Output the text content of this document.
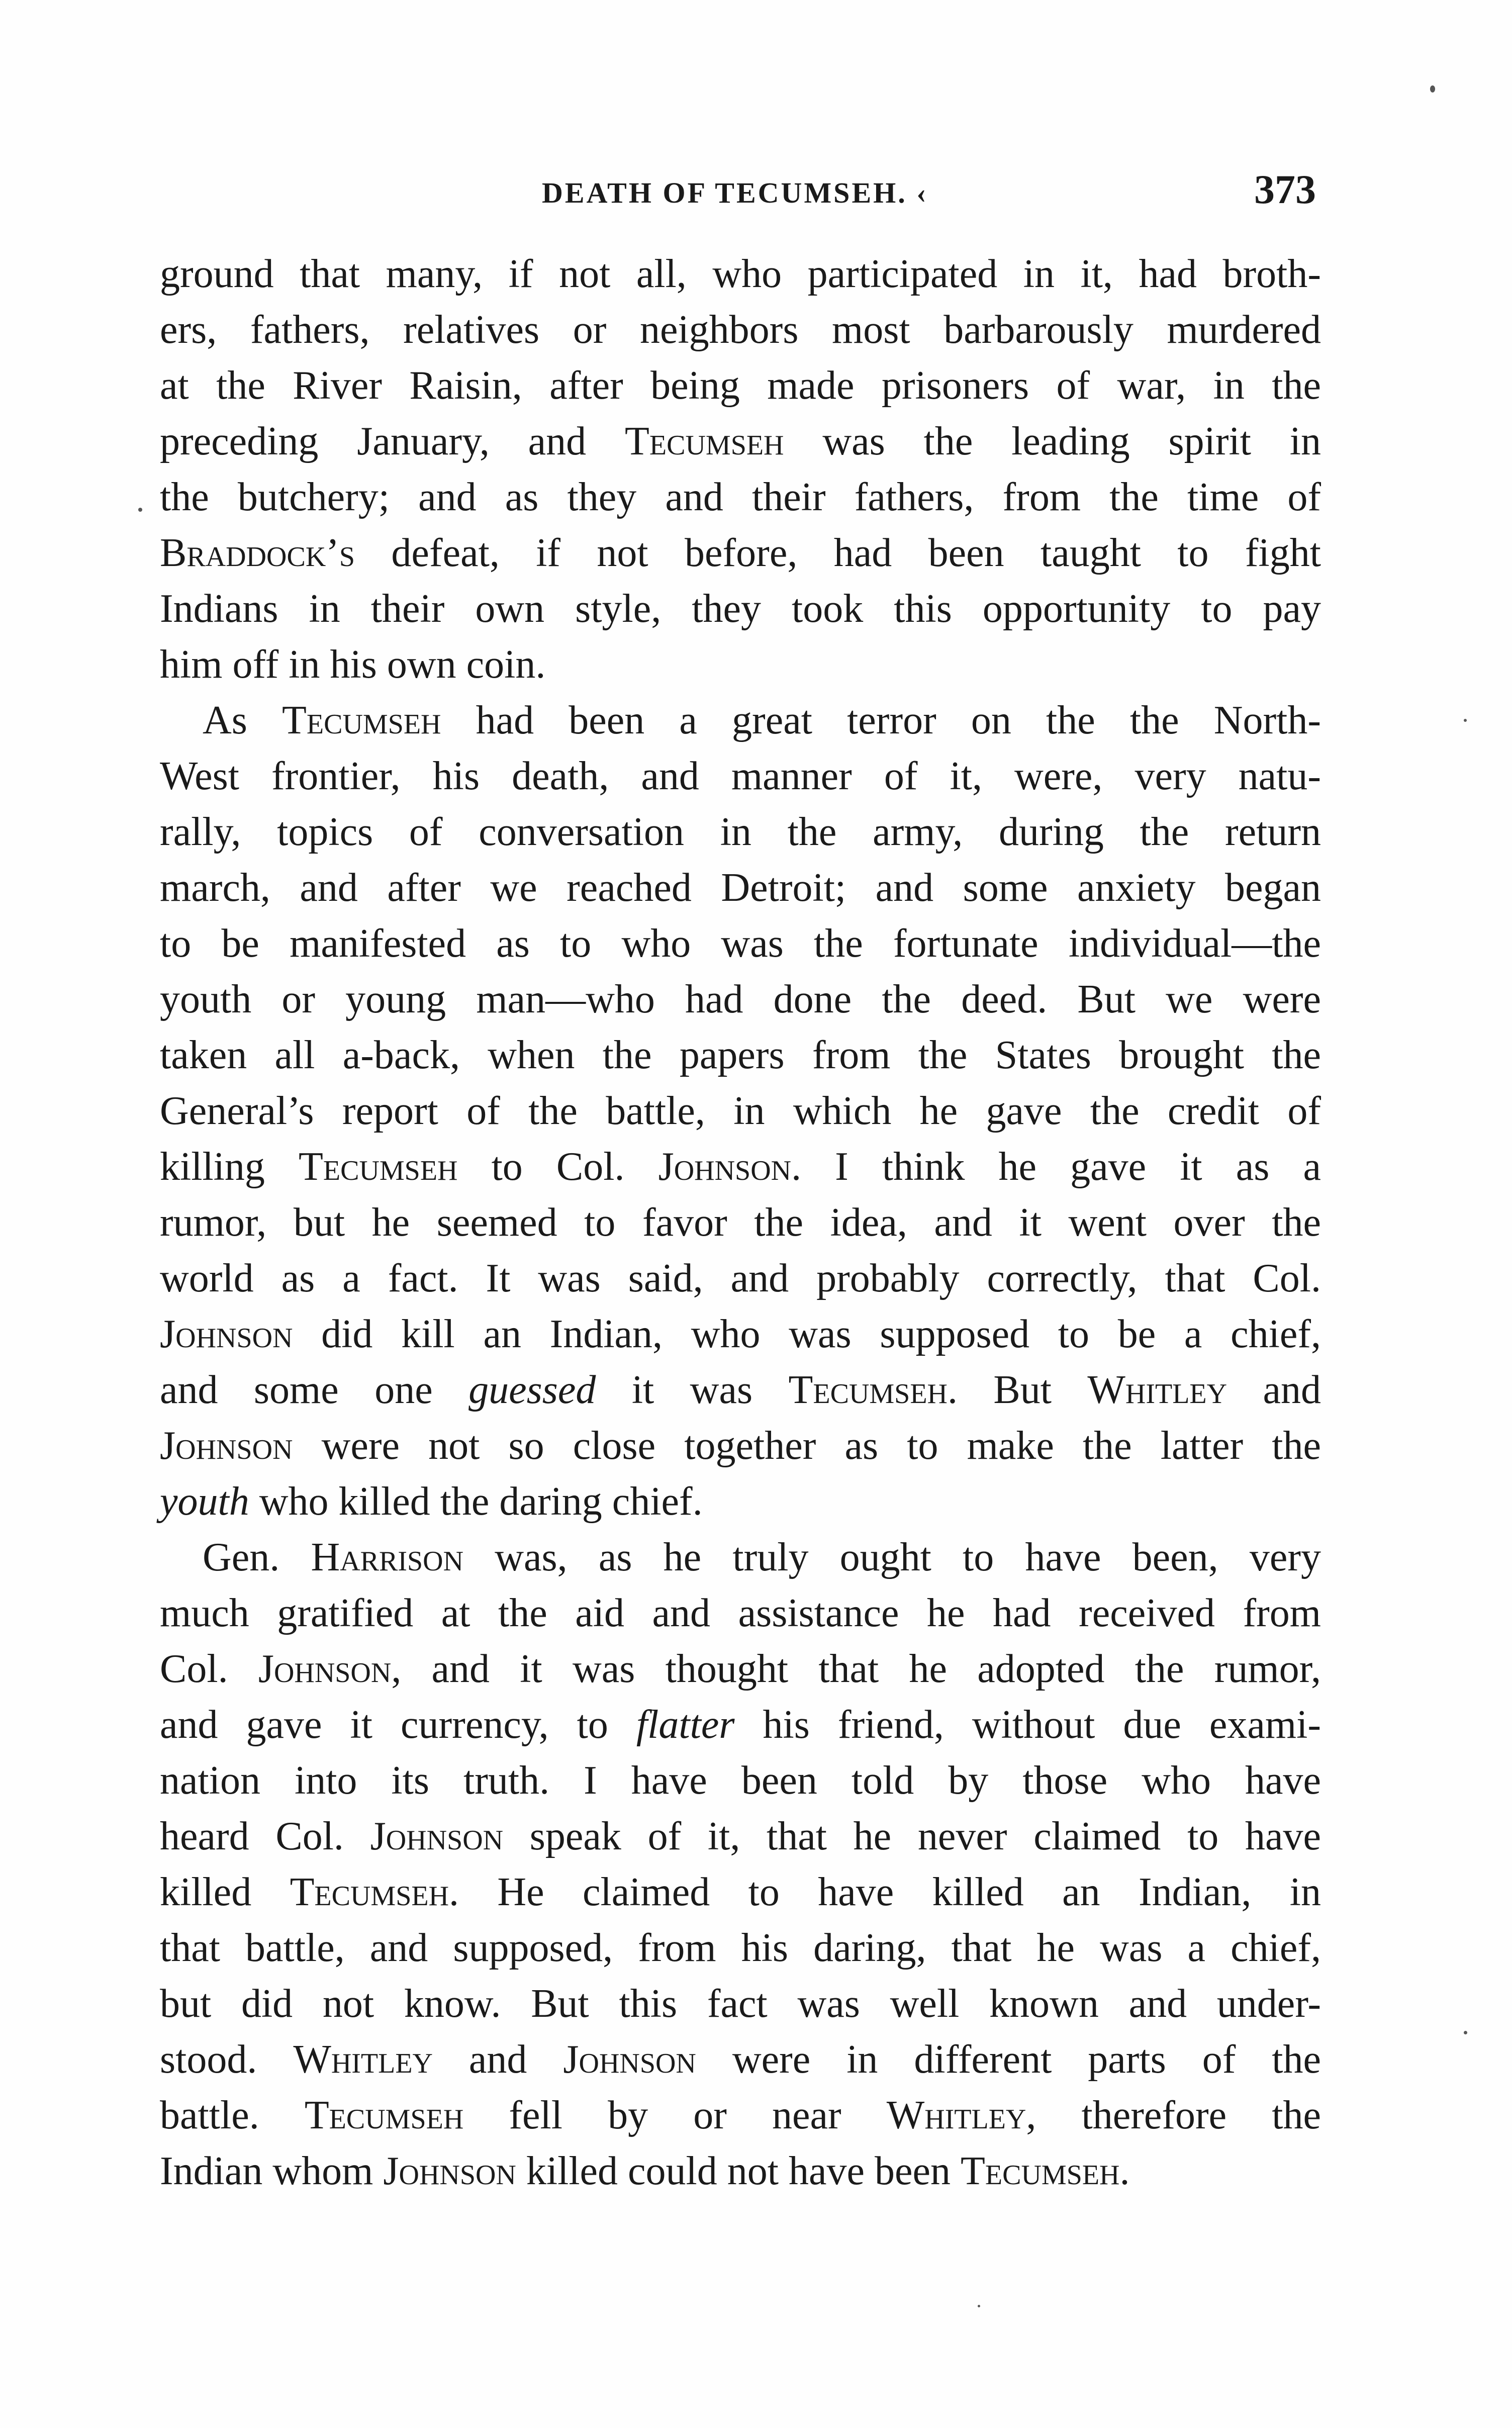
DEATH OF TECUMSEH. ‹	373
ground that many, if not all, who participated in it, had broth-
ers, fathers, relatives or neighbors most barbarously murdered
at the River Raisin, after being made prisoners of war, in the
preceding January, and Tecumseh was the leading spirit in
the butchery; and as they and their fathers, from the time of
Braddock’s defeat, if not before, had been taught to fight
Indians in their own style, they took this opportunity to pay
him off in his own coin.
As Tecumseh had been a great terror on the the North-
West frontier, his death, and manner of it, were, very natu-
rally, topics of conversation in the army, during the return
march, and after we reached Detroit; and some anxiety began
to be manifested as to who was the fortunate individual—the
youth or young man—who had done the deed. But we were
taken all a-back, when the papers from the States brought the
General’s report of the battle, in which he gave the credit of
killing Tecumseh to Col. Johnson. I think he gave it as a
rumor, but he seemed to favor the idea, and it went over the
world as a fact. It was said, and probably correctly, that Col.
Johnson did kill an Indian, who was supposed to be a chief,
and some one guessed it was Tecumseh. But Whitley and
Johnson were not so close together as to make the latter the
youth who killed the daring chief.
Gen. Harrison was, as he truly ought to have been, very
much gratified at the aid and assistance he had received from
Col. Johnson, and it was thought that he adopted the rumor,
and gave it currency, to flatter his friend, without due exami-
nation into its truth. I have been told by those who have
heard Col. Johnson speak of it, that he never claimed to have
killed Tecumseh. He claimed to have killed an Indian, in
that battle, and supposed, from his daring, that he was a chief,
but did not know. But this fact was well known and under-
stood. Whitley and Johnson were in different parts of the
battle. Tecumseh fell by or near Whitley, therefore the
Indian whom Johnson killed could not have been Tecumseh.
